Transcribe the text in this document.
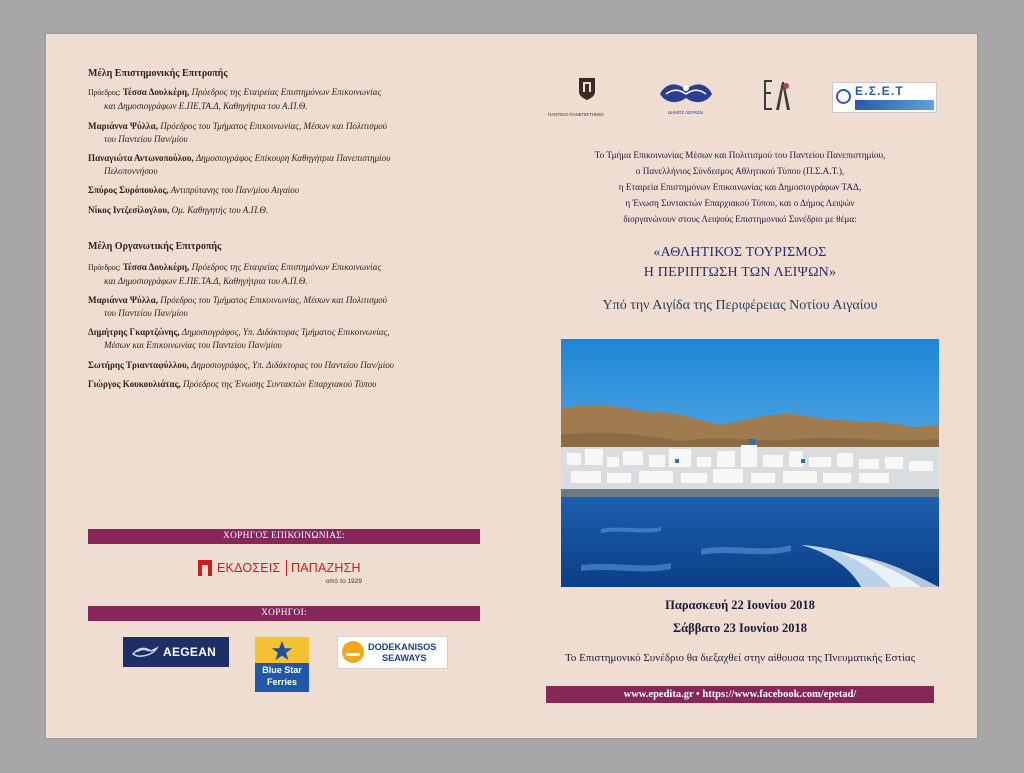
Μέλη Επιστημονικής Επιτροπής
Πρόεδρος: Τέσσα Δουλκέρη, Πρόεδρος της Εταιρείας Επιστημόνων Επικοινωνίας
και Δημοσιογράφων Ε.ΠΕ.ΤΑ.Δ, Καθηγήτρια του Α.Π.Θ.
Μαριάννα Ψύλλα, Πρόεδρος του Τμήματος Επικοινωνίας, Μέσων και Πολιτισμού
του Παντείου Παν/μίου
Παναγιώτα Αντωνοπούλου, Δημοσιογράφος Επίκουρη Καθηγήτρια Πανεπιστημίου
Πελοποννήσου
Σπύρος Συρόπουλος, Αντιπρύτανης του Παν/μίου Αιγαίου
Νίκος Ιντζεσίλογλου, Ομ. Καθηγητής του Α.Π.Θ.
Μέλη Οργανωτικής Επιτροπής
Πρόεδρος: Τέσσα Δουλκέρη, Πρόεδρος της Εταιρείας Επιστημόνων Επικοινωνίας
και Δημοσιογράφων Ε.ΠΕ.ΤΑ.Δ, Καθηγήτρια του Α.Π.Θ.
Μαριάννα Ψύλλα, Πρόεδρος του Τμήματος Επικοινωνίας, Μέσων και Πολιτισμού
του Παντείου Παν/μίου
Δημήτρης Γκαρτζώνης, Δημοσιογράφος, Υπ. Διδάκτορας Τμήματος Επικοινωνίας,
Μέσων και Επικοινωνίας του Παντείου Παν/μίου
Σωτήρης Τριανταφύλλου, Δημοσιογράφος, Υπ. Διδάκτορας του Παντείου Παν/μίου
Γιώργος Κουκουλιάτας, Πρόεδρος της Ένωσης Συντακτών Επαρχιακού Τύπου
ΧΟΡΗΓΟΣ ΕΠΙΚΟΙΝΩΝΙΑΣ:
ΕΚΔΟΣΕΙΣ ΠΑΠΑΖΗΣΗ
από το 1929
ΧΟΡΗΓΟΙ:
AEGEAN
Blue Star
Ferries
DODEKANISOS
SEAWAYS
ΠΑΝΤΕΙΟ ΠΑΝΕΠΙΣΤΗΜΙΟ	ΔΗΜΟΣ ΛΕΙΨΩΝ
Ε.Σ.Ε.Τ
Το Τμήμα Επικοινωνίας Μέσων και Πολιτισμού του Παντείου Πανεπιστημίου,
ο Πανελλήνιος Σύνδεσμος Αθλητικού Τύπου (Π.Σ.Α.Τ.),
η Εταιρεία Επιστημόνων Επικοινωνίας και Δημοσιογράφων ΤΑΔ,
η Ένωση Συντακτών Επαρχιακού Τύπου, και ο Δήμος Λειψών
διοργανώνουν στους Λειψούς Επιστημονικό Συνέδριο με θέμα:
«ΑΘΛΗΤΙΚΟΣ ΤΟΥΡΙΣΜΟΣ
Η ΠΕΡΙΠΤΩΣΗ ΤΩΝ ΛΕΙΨΩΝ»
Υπό την Αιγίδα της Περιφέρειας Νοτίου Αιγαίου
Παρασκευή 22 Ιουνίου 2018
Σάββατο 23 Ιουνίου 2018
Το Επιστημονικό Συνέδριο θα διεξαχθεί στην αίθουσα της Πνευματικής Εστίας
www.epedita.gr • https://www.facebook.com/epetad/
